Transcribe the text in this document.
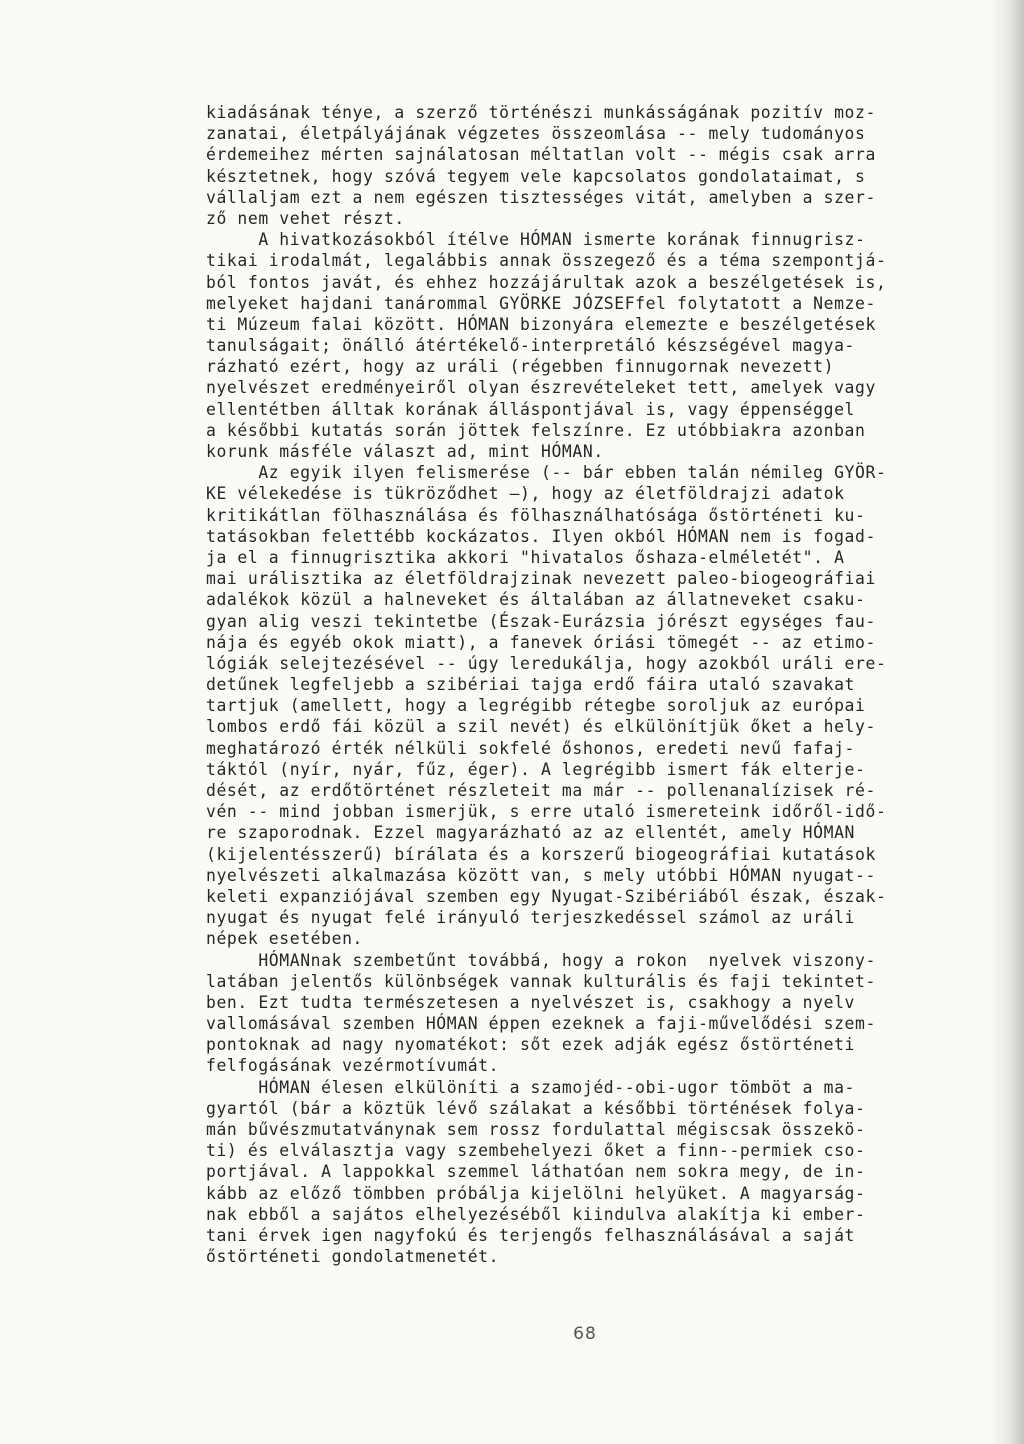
kiadásának ténye, a szerző történészi munkásságának pozitív moz-
zanatai, életpályájának végzetes összeomlása -- mely tudományos
érdemeihez mérten sajnálatosan méltatlan volt -- mégis csak arra
késztetnek, hogy szóvá tegyem vele kapcsolatos gondolataimat, s
vállaljam ezt a nem egészen tisztességes vitát, amelyben a szer-
ző nem vehet részt.
A hivatkozásokból ítélve HÓMAN ismerte korának finnugrisz-
tikai irodalmát, legalábbis annak összegező és a téma szempontjá-
ból fontos javát, és ehhez hozzájárultak azok a beszélgetések is,
melyeket hajdani tanárommal GYÖRKE JÓZSEFfel folytatott a Nemze-
ti Múzeum falai között. HÓMAN bizonyára elemezte e beszélgetések
tanulságait; önálló átértékelő-interpretáló készségével magya-
rázható ezért, hogy az uráli (régebben finnugornak nevezett)
nyelvészet eredményeiről olyan észrevételeket tett, amelyek vagy
ellentétben álltak korának álláspontjával is, vagy éppenséggel
a későbbi kutatás során jöttek felszínre. Ez utóbbiakra azonban
korunk másféle választ ad, mint HÓMAN.
Az egyik ilyen felismerése (-- bár ebben talán némileg GYÖR-
KE vélekedése is tükröződhet —), hogy az életföldrajzi adatok
kritikátlan fölhasználása és fölhasználhatósága őstörténeti ku-
tatásokban felettébb kockázatos. Ilyen okból HÓMAN nem is fogad-
ja el a finnugrisztika akkori "hivatalos őshaza-elméletét". A
mai urálisztika az életföldrajzinak nevezett paleo-biogeográfiai
adalékok közül a halneveket és általában az állatneveket csaku-
gyan alig veszi tekintetbe (Észak-Eurázsia jórészt egységes fau-
nája és egyéb okok miatt), a fanevek óriási tömegét -- az etimo-
lógiák selejtezésével -- úgy leredukálja, hogy azokból uráli ere-
detűnek legfeljebb a szibériai tajga erdő fáira utaló szavakat
tartjuk (amellett, hogy a legrégibb rétegbe soroljuk az európai
lombos erdő fái közül a szil nevét) és elkülönítjük őket a hely-
meghatározó érték nélküli sokfelé őshonos, eredeti nevű fafaj-
táktól (nyír, nyár, fűz, éger). A legrégibb ismert fák elterje-
dését, az erdőtörténet részleteit ma már -- pollenanalízisek ré-
vén -- mind jobban ismerjük, s erre utaló ismereteink időről-idő-
re szaporodnak. Ezzel magyarázható az az ellentét, amely HÓMAN
(kijelentésszerű) bírálata és a korszerű biogeográfiai kutatások
nyelvészeti alkalmazása között van, s mely utóbbi HÓMAN nyugat--
keleti expanziójával szemben egy Nyugat-Szibériából észak, észak-
nyugat és nyugat felé irányuló terjeszkedéssel számol az uráli
népek esetében.
HÓMANnak szembetűnt továbbá, hogy a rokon  nyelvek viszony-
latában jelentős különbségek vannak kulturális és faji tekintet-
ben. Ezt tudta természetesen a nyelvészet is, csakhogy a nyelv
vallomásával szemben HÓMAN éppen ezeknek a faji-művelődési szem-
pontoknak ad nagy nyomatékot: sőt ezek adják egész őstörténeti
felfogásának vezérmotívumát.
HÓMAN élesen elkülöníti a szamojéd--obi-ugor tömböt a ma-
gyartól (bár a köztük lévő szálakat a későbbi történések folya-
mán bűvészmutatványnak sem rossz fordulattal mégiscsak összekö-
ti) és elválasztja vagy szembehelyezi őket a finn--permiek cso-
portjával. A lappokkal szemmel láthatóan nem sokra megy, de in-
kább az előző tömbben próbálja kijelölni helyüket. A magyarság-
nak ebből a sajátos elhelyezéséből kiindulva alakítja ki ember-
tani érvek igen nagyfokú és terjengős felhasználásával a saját
őstörténeti gondolatmenetét.
68
